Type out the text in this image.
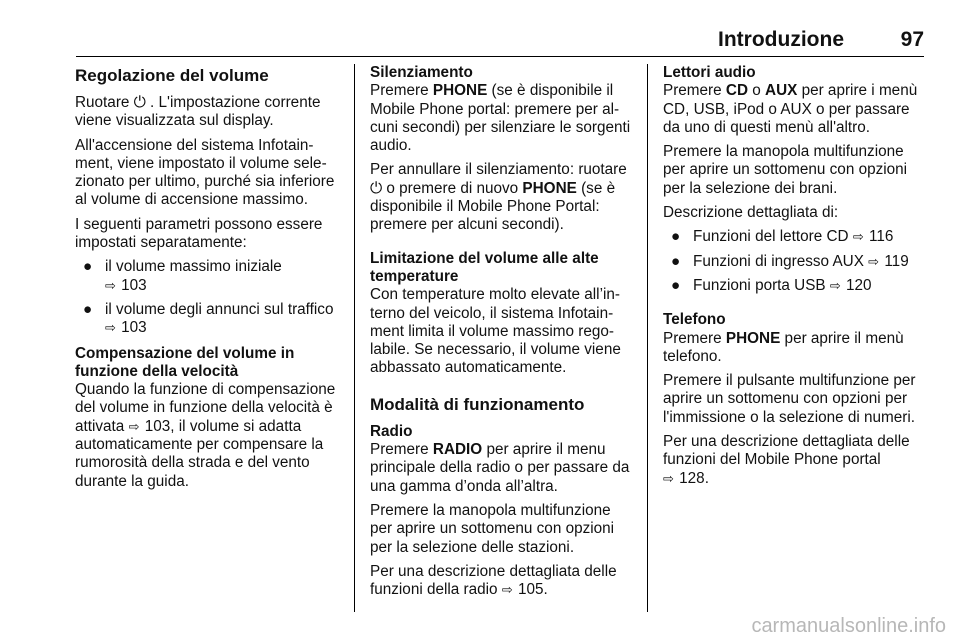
Introduzione	97
Regolazione del volume

Ruotare ⏻ . L'impostazione corrente viene visualizzata sul display.

All'accensione del sistema Infotainment, viene impostato il volume selezionato per ultimo, purché sia inferiore al volume di accensione massimo.

I seguenti parametri possono essere impostati separatamente:

● il volume massimo iniziale
⇨ 103
● il volume degli annunci sul traffico ⇨ 103
Compensazione del volume in funzione della velocità

Quando la funzione di compensazione del volume in funzione della velocità è attivata ⇨ 103, il volume si adatta automaticamente per compensare la rumorosità della strada e del vento durante la guida.

Silenziamento

Premere PHONE (se è disponibile il Mobile Phone portal: premere per alcuni secondi) per silenziare le sorgenti audio.

Per annullare il silenziamento: ruotare ⏻ o premere di nuovo PHONE (se è disponibile il Mobile Phone Portal: premere per alcuni secondi).

Limitazione del volume alle alte temperature

Con temperature molto elevate all’interno del veicolo, il sistema Infotainment limita il volume massimo regolabile. Se necessario, il volume viene abbassato automaticamente.

Modalità di funzionamento
Radio

Premere RADIO per aprire il menu principale della radio o per passare da una gamma d’onda all’altra.

Premere la manopola multifunzione per aprire un sottomenu con opzioni per la selezione delle stazioni.

Per una descrizione dettagliata delle funzioni della radio ⇨ 105.

Lettori audio

Premere CD o AUX per aprire i menù CD, USB, iPod o AUX o per passare da uno di questi menù all'altro.

Premere la manopola multifunzione per aprire un sottomenu con opzioni per la selezione dei brani.

Descrizione dettagliata di:

● Funzioni del lettore CD ⇨ 116
● Funzioni di ingresso AUX ⇨ 119
● Funzioni porta USB ⇨ 120
Telefono

Premere PHONE per aprire il menù telefono.

Premere il pulsante multifunzione per aprire un sottomenu con opzioni per l'immissione o la selezione di numeri.

Per una descrizione dettagliata delle funzioni del Mobile Phone portal
⇨ 128.

carmanualsonline.info
